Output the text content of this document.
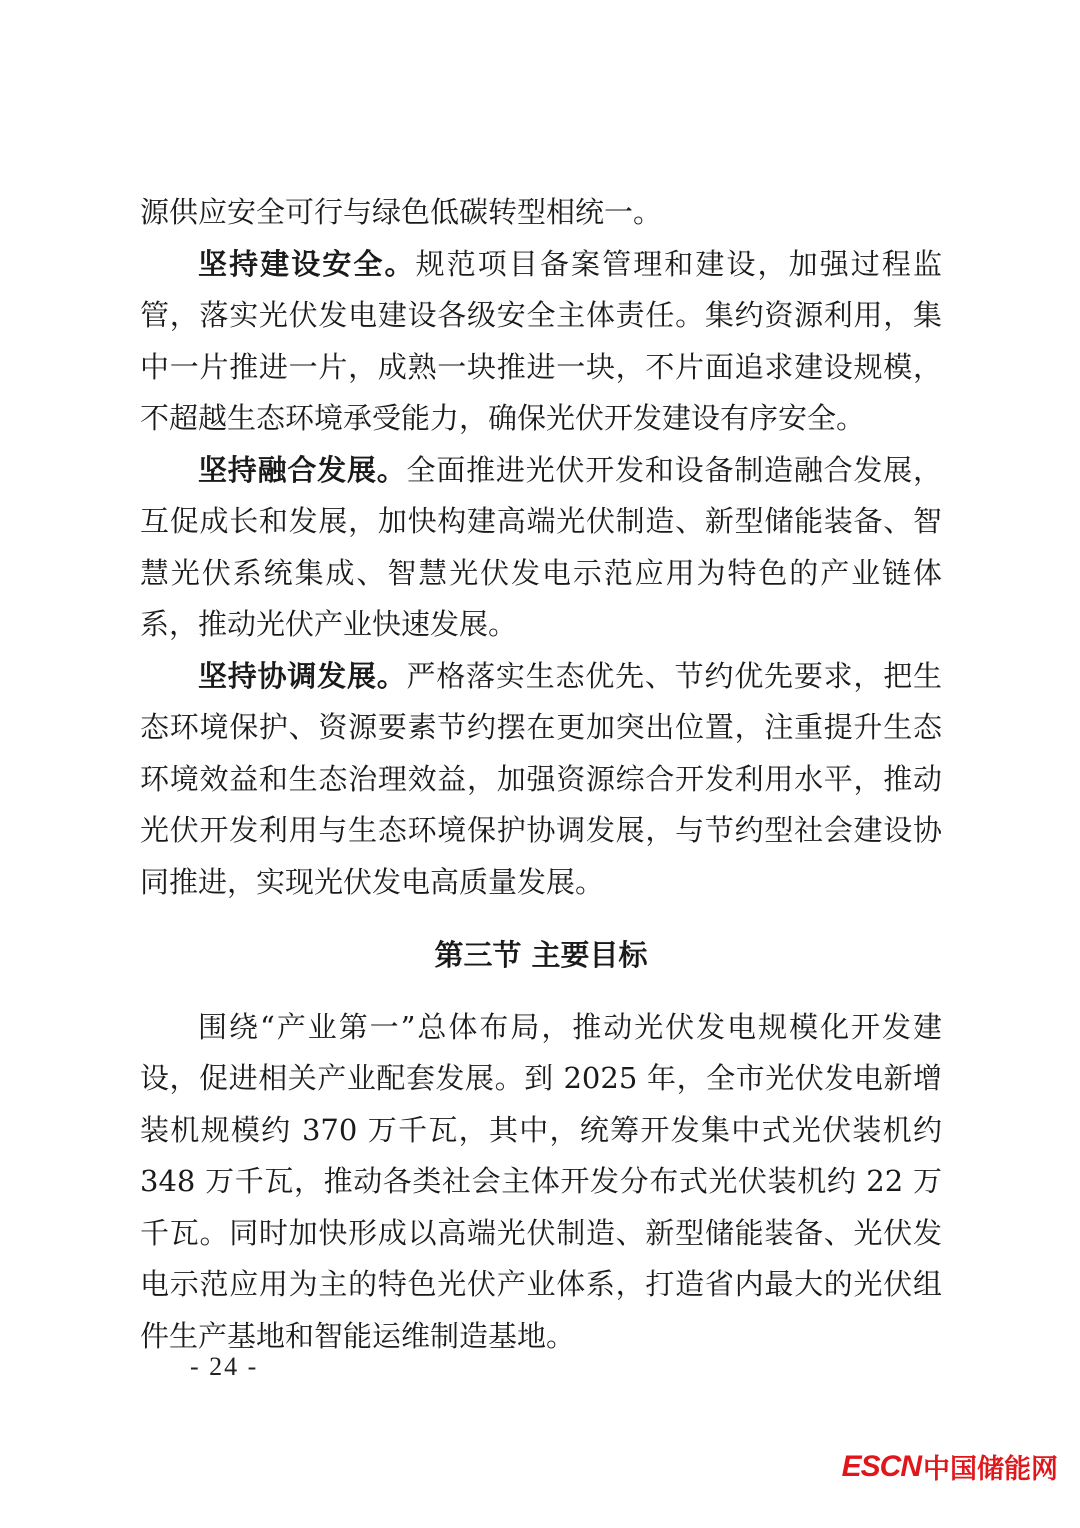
源供应安全可行与绿色低碳转型相统一。

坚持建设安全。规范项目备案管理和建设，加强过程监管，落实光伏发电建设各级安全主体责任。集约资源利用，集中一片推进一片，成熟一块推进一块，不片面追求建设规模，不超越生态环境承受能力，确保光伏开发建设有序安全。

坚持融合发展。全面推进光伏开发和设备制造融合发展，互促成长和发展，加快构建高端光伏制造、新型储能装备、智慧光伏系统集成、智慧光伏发电示范应用为特色的产业链体系，推动光伏产业快速发展。

坚持协调发展。严格落实生态优先、节约优先要求，把生态环境保护、资源要素节约摆在更加突出位置，注重提升生态环境效益和生态治理效益，加强资源综合开发利用水平，推动光伏开发利用与生态环境保护协调发展，与节约型社会建设协同推进，实现光伏发电高质量发展。

第三节 主要目标

围绕“产业第一”总体布局，推动光伏发电规模化开发建设，促进相关产业配套发展。到 2025 年，全市光伏发电新增装机规模约 370 万千瓦，其中，统筹开发集中式光伏装机约 348 万千瓦，推动各类社会主体开发分布式光伏装机约 22 万千瓦。同时加快形成以高端光伏制造、新型储能装备、光伏发电示范应用为主的特色光伏产业体系，打造省内最大的光伏组件生产基地和智能运维制造基地。

- 24 -
ESCN 中国储能网
